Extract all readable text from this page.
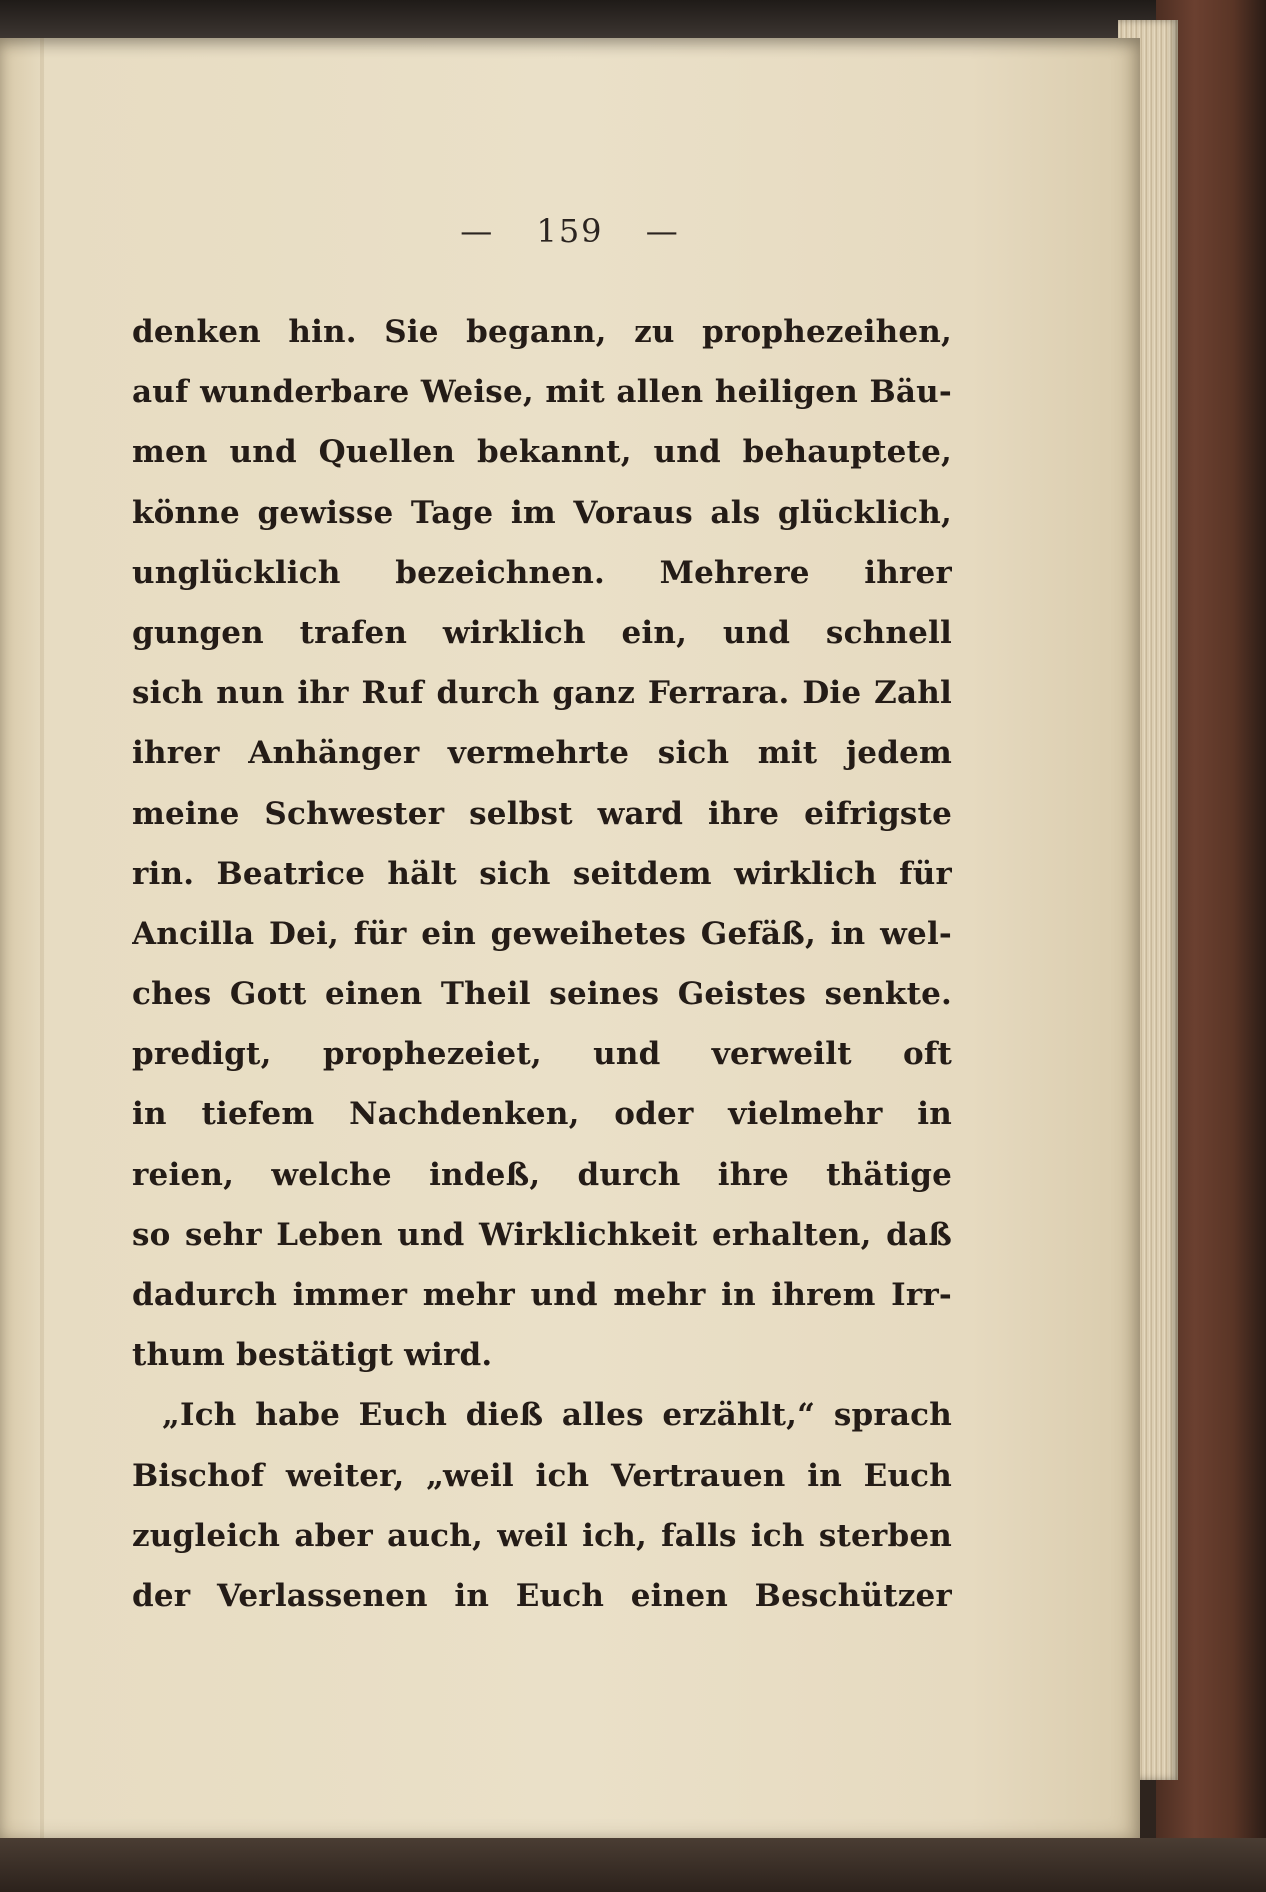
— 159 —
denken hin. Sie begann, zu prophezeihen,
auf wunderbare Weise, mit allen heiligen Bäu-
men und Quellen bekannt, und behauptete,
könne gewisse Tage im Voraus als glücklich,
unglücklich bezeichnen. Mehrere ihrer
gungen trafen wirklich ein, und schnell
sich nun ihr Ruf durch ganz Ferrara. Die Zahl
ihrer Anhänger vermehrte sich mit jedem
meine Schwester selbst ward ihre eifrigste
rin. Beatrice hält sich seitdem wirklich für
Ancilla Dei, für ein geweihetes Gefäß, in wel-
ches Gott einen Theil seines Geistes senkte.
predigt, prophezeiet, und verweilt oft
in tiefem Nachdenken, oder vielmehr in
reien, welche indeß, durch ihre thätige
so sehr Leben und Wirklichkeit erhalten, daß
dadurch immer mehr und mehr in ihrem Irr-
thum bestätigt wird.
„Ich habe Euch dieß alles erzählt,“ sprach
Bischof weiter, „weil ich Vertrauen in Euch
zugleich aber auch, weil ich, falls ich sterben
der Verlassenen in Euch einen Beschützer
